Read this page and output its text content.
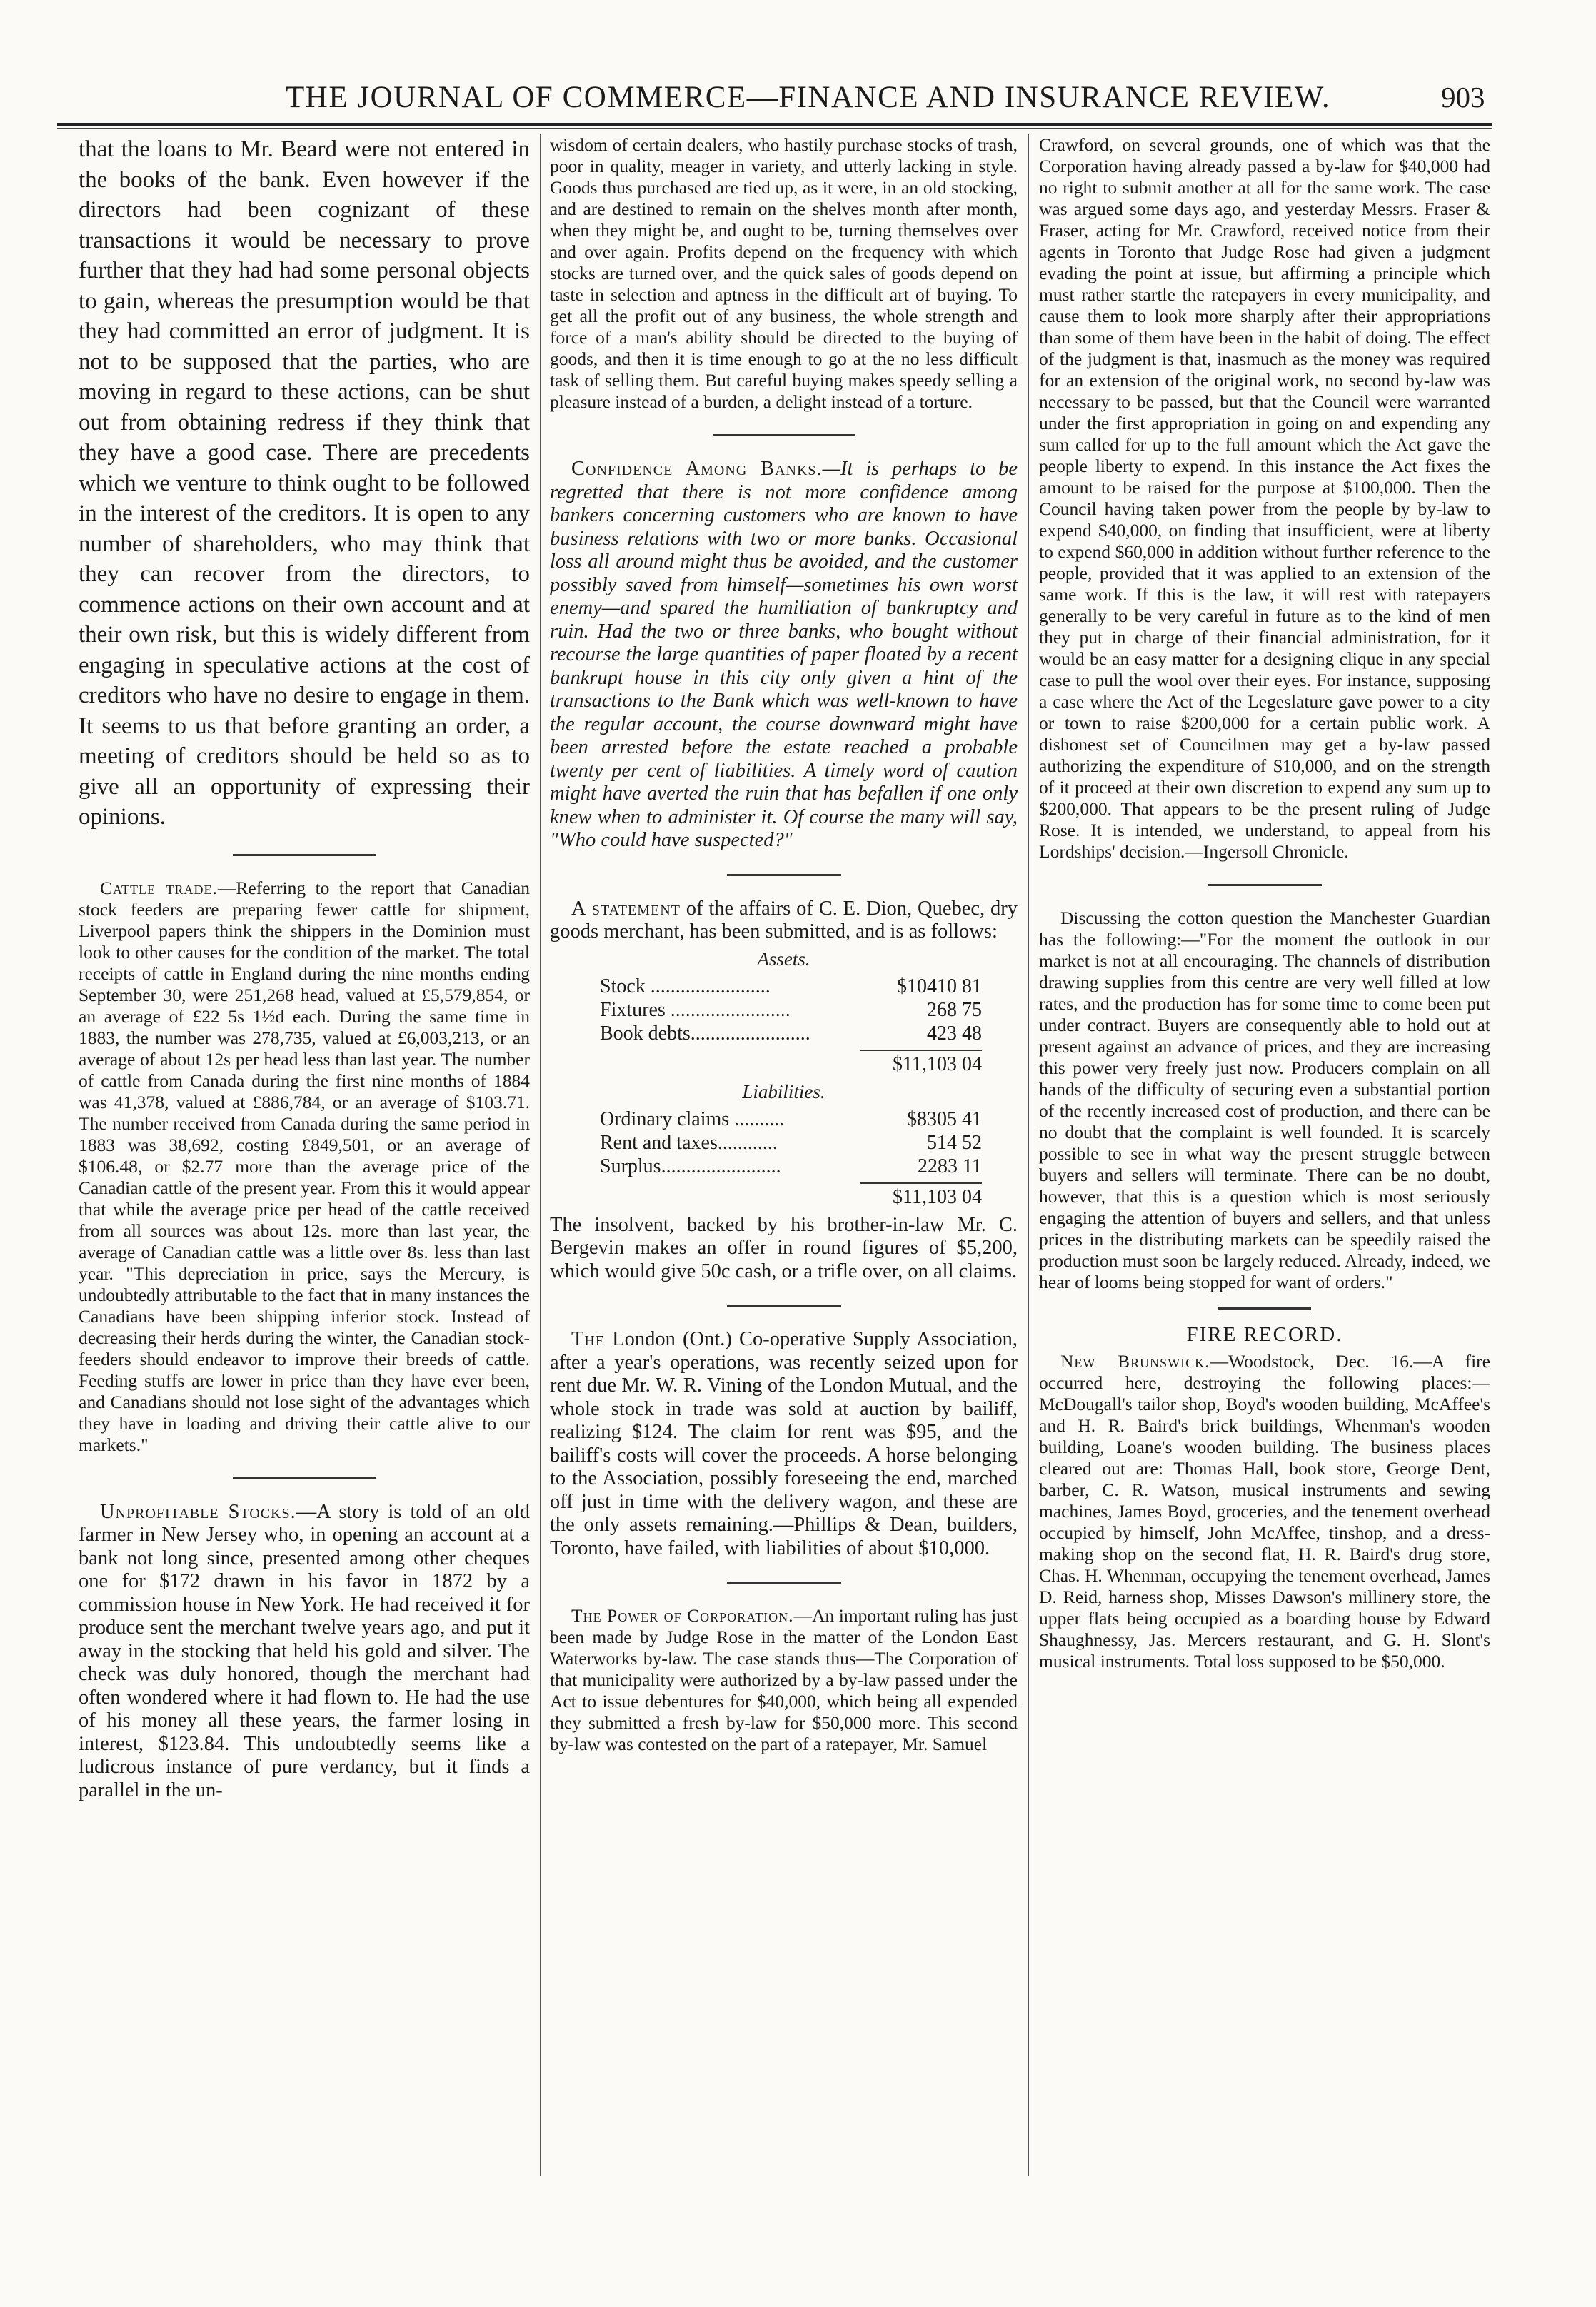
THE JOURNAL OF COMMERCE—FINANCE AND INSURANCE REVIEW.	903

that the loans to Mr. Beard were not entered in the books of the bank. Even however if the directors had been cognizant of these transactions it would be necessary to prove further that they had had some personal objects to gain, whereas the presumption would be that they had committed an error of judgment. It is not to be supposed that the parties, who are moving in regard to these actions, can be shut out from obtaining redress if they think that they have a good case. There are precedents which we venture to think ought to be followed in the interest of the creditors. It is open to any number of shareholders, who may think that they can recover from the directors, to commence actions on their own account and at their own risk, but this is widely different from engaging in speculative actions at the cost of creditors who have no desire to engage in them. It seems to us that before granting an order, a meeting of creditors should be held so as to give all an opportunity of expressing their opinions.

Cattle trade.—Referring to the report that Canadian stock feeders are preparing fewer cattle for shipment, Liverpool papers think the shippers in the Dominion must look to other causes for the condition of the market. The total receipts of cattle in England during the nine months ending September 30, were 251,268 head, valued at £5,579,854, or an average of £22 5s 1½d each. During the same time in 1883, the number was 278,735, valued at £6,003,213, or an average of about 12s per head less than last year. The number of cattle from Canada during the first nine months of 1884 was 41,378, valued at £886,784, or an average of $103.71. The number received from Canada during the same period in 1883 was 38,692, costing £849,501, or an average of $106.48, or $2.77 more than the average price of the Canadian cattle of the present year. From this it would appear that while the average price per head of the cattle received from all sources was about 12s. more than last year, the average of Canadian cattle was a little over 8s. less than last year. "This depreciation in price, says the Mercury, is undoubtedly attributable to the fact that in many instances the Canadians have been shipping inferior stock. Instead of decreasing their herds during the winter, the Canadian stock-feeders should endeavor to improve their breeds of cattle. Feeding stuffs are lower in price than they have ever been, and Canadians should not lose sight of the advantages which they have in loading and driving their cattle alive to our markets."

Unprofitable Stocks.—A story is told of an old farmer in New Jersey who, in opening an account at a bank not long since, presented among other cheques one for $172 drawn in his favor in 1872 by a commission house in New York. He had received it for produce sent the merchant twelve years ago, and put it away in the stocking that held his gold and silver. The check was duly honored, though the merchant had often wondered where it had flown to. He had the use of his money all these years, the farmer losing in interest, $123.84. This undoubtedly seems like a ludicrous instance of pure verdancy, but it finds a parallel in the un-

wisdom of certain dealers, who hastily purchase stocks of trash, poor in quality, meager in variety, and utterly lacking in style. Goods thus purchased are tied up, as it were, in an old stocking, and are destined to remain on the shelves month after month, when they might be, and ought to be, turning themselves over and over again. Profits depend on the frequency with which stocks are turned over, and the quick sales of goods depend on taste in selection and aptness in the difficult art of buying. To get all the profit out of any business, the whole strength and force of a man's ability should be directed to the buying of goods, and then it is time enough to go at the no less difficult task of selling them. But careful buying makes speedy selling a pleasure instead of a burden, a delight instead of a torture.

Confidence Among Banks.—It is perhaps to be regretted that there is not more confidence among bankers concerning customers who are known to have business relations with two or more banks. Occasional loss all around might thus be avoided, and the customer possibly saved from himself—sometimes his own worst enemy—and spared the humiliation of bankruptcy and ruin. Had the two or three banks, who bought without recourse the large quantities of paper floated by a recent bankrupt house in this city only given a hint of the transactions to the Bank which was well-known to have the regular account, the course downward might have been arrested before the estate reached a probable twenty per cent of liabilities. A timely word of caution might have averted the ruin that has befallen if one only knew when to administer it. Of course the many will say, "Who could have suspected?"

A statement of the affairs of C. E. Dion, Quebec, dry goods merchant, has been submitted, and is as follows:

Assets.
Stock ........................	$10410 81
Fixtures ........................	268 75
Book debts........................	423 48
$11,103 04
Liabilities.
Ordinary claims ..........	$8305 41
Rent and taxes............	514 52
Surplus........................	2283 11
$11,103 04

The insolvent, backed by his brother-in-law Mr. C. Bergevin makes an offer in round figures of $5,200, which would give 50c cash, or a trifle over, on all claims.

The London (Ont.) Co-operative Supply Association, after a year's operations, was recently seized upon for rent due Mr. W. R. Vining of the London Mutual, and the whole stock in trade was sold at auction by bailiff, realizing $124. The claim for rent was $95, and the bailiff's costs will cover the proceeds. A horse belonging to the Association, possibly foreseeing the end, marched off just in time with the delivery wagon, and these are the only assets remaining.—Phillips & Dean, builders, Toronto, have failed, with liabilities of about $10,000.

The Power of Corporation.—An important ruling has just been made by Judge Rose in the matter of the London East Waterworks by-law. The case stands thus—The Corporation of that municipality were authorized by a by-law passed under the Act to issue debentures for $40,000, which being all expended they submitted a fresh by-law for $50,000 more. This second by-law was contested on the part of a ratepayer, Mr. Samuel

Crawford, on several grounds, one of which was that the Corporation having already passed a by-law for $40,000 had no right to submit another at all for the same work. The case was argued some days ago, and yesterday Messrs. Fraser & Fraser, acting for Mr. Crawford, received notice from their agents in Toronto that Judge Rose had given a judgment evading the point at issue, but affirming a principle which must rather startle the ratepayers in every municipality, and cause them to look more sharply after their appropriations than some of them have been in the habit of doing. The effect of the judgment is that, inasmuch as the money was required for an extension of the original work, no second by-law was necessary to be passed, but that the Council were warranted under the first appropriation in going on and expending any sum called for up to the full amount which the Act gave the people liberty to expend. In this instance the Act fixes the amount to be raised for the purpose at $100,000. Then the Council having taken power from the people by by-law to expend $40,000, on finding that insufficient, were at liberty to expend $60,000 in addition without further reference to the people, provided that it was applied to an extension of the same work. If this is the law, it will rest with ratepayers generally to be very careful in future as to the kind of men they put in charge of their financial administration, for it would be an easy matter for a designing clique in any special case to pull the wool over their eyes. For instance, supposing a case where the Act of the Legeslature gave power to a city or town to raise $200,000 for a certain public work. A dishonest set of Councilmen may get a by-law passed authorizing the expenditure of $10,000, and on the strength of it proceed at their own discretion to expend any sum up to $200,000. That appears to be the present ruling of Judge Rose. It is intended, we understand, to appeal from his Lordships' decision.—Ingersoll Chronicle.

Discussing the cotton question the Manchester Guardian has the following:—"For the moment the outlook in our market is not at all encouraging. The channels of distribution drawing supplies from this centre are very well filled at low rates, and the production has for some time to come been put under contract. Buyers are consequently able to hold out at present against an advance of prices, and they are increasing this power very freely just now. Producers complain on all hands of the difficulty of securing even a substantial portion of the recently increased cost of production, and there can be no doubt that the complaint is well founded. It is scarcely possible to see in what way the present struggle between buyers and sellers will terminate. There can be no doubt, however, that this is a question which is most seriously engaging the attention of buyers and sellers, and that unless prices in the distributing markets can be speedily raised the production must soon be largely reduced. Already, indeed, we hear of looms being stopped for want of orders."

FIRE RECORD.

New Brunswick.—Woodstock, Dec. 16.—A fire occurred here, destroying the following places:—McDougall's tailor shop, Boyd's wooden building, McAffee's and H. R. Baird's brick buildings, Whenman's wooden building, Loane's wooden building. The business places cleared out are: Thomas Hall, book store, George Dent, barber, C. R. Watson, musical instruments and sewing machines, James Boyd, groceries, and the tenement overhead occupied by himself, John McAffee, tinshop, and a dress-making shop on the second flat, H. R. Baird's drug store, Chas. H. Whenman, occupying the tenement overhead, James D. Reid, harness shop, Misses Dawson's millinery store, the upper flats being occupied as a boarding house by Edward Shaughnessy, Jas. Mercers restaurant, and G. H. Slont's musical instruments. Total loss supposed to be $50,000.
